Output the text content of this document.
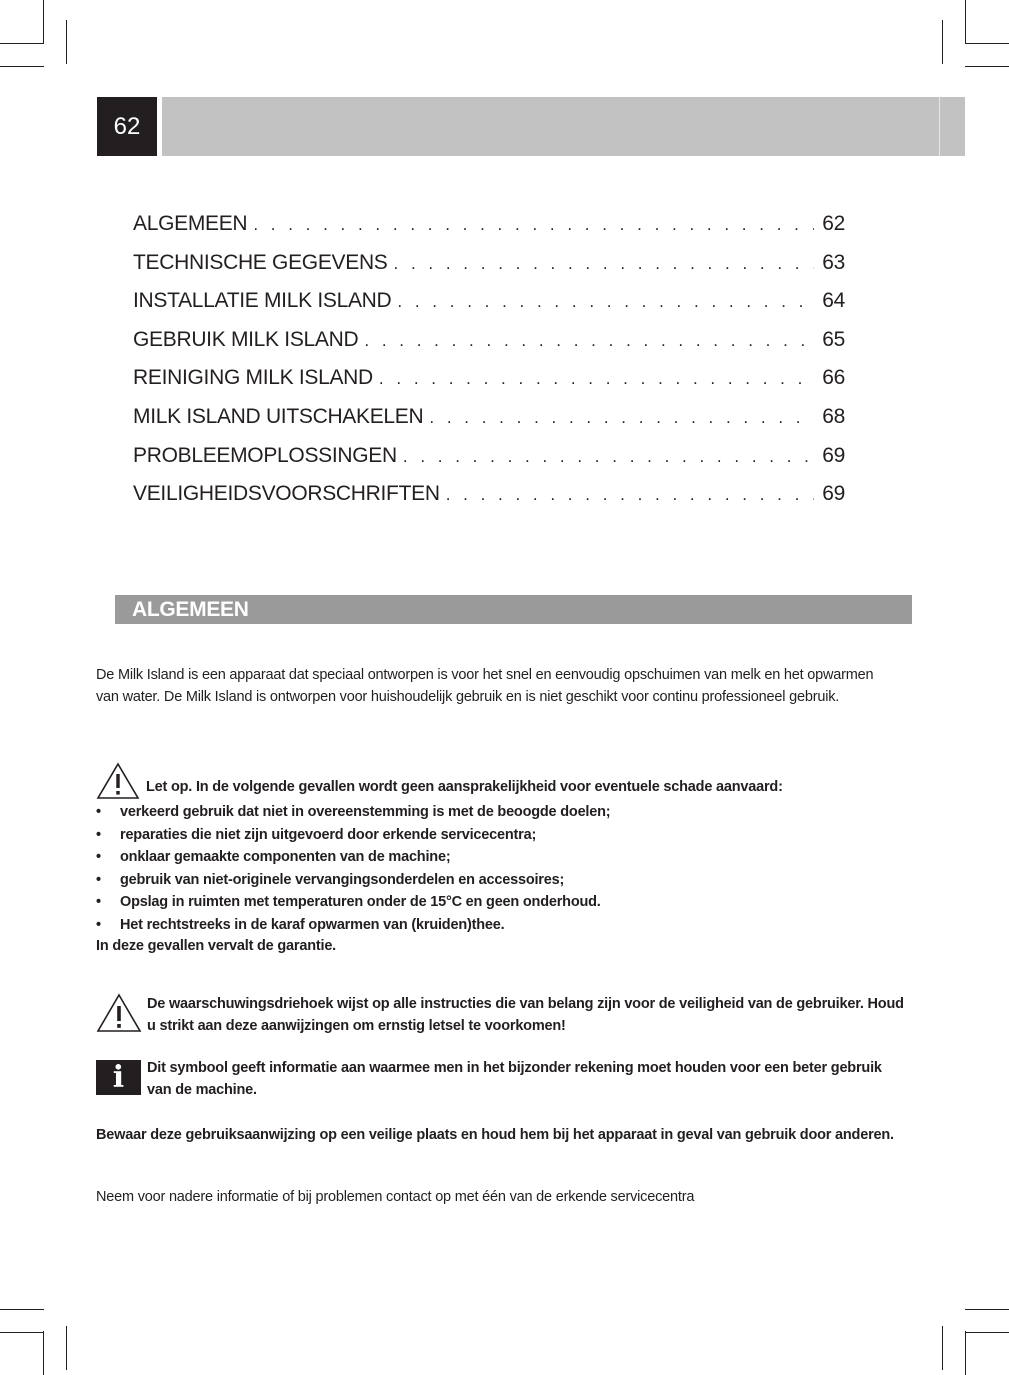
62
ALGEMEEN . . .	62
TECHNISCHE GEGEVENS . . .	63
INSTALLATIE MILK ISLAND . . .	64
GEBRUIK MILK ISLAND . . .	65
REINIGING MILK ISLAND . . .	66
MILK ISLAND UITSCHAKELEN . . .	68
PROBLEEMOPLOSSINGEN . . .	69
VEILIGHEIDSVOORSCHRIFTEN . . .	69
ALGEMEEN

De Milk Island is een apparaat dat speciaal ontworpen is voor het snel en eenvoudig opschuimen van melk en het opwarmen van water. De Milk Island is ontworpen voor huishoudelijk gebruik en is niet geschikt voor continu professioneel gebruik.

Let op. In de volgende gevallen wordt geen aansprakelijkheid voor eventuele schade aanvaard:
• verkeerd gebruik dat niet in overeenstemming is met de beoogde doelen;
• reparaties die niet zijn uitgevoerd door erkende servicecentra;
• onklaar gemaakte componenten van de machine;
• gebruik van niet-originele vervangingsonderdelen en accessoires;
• Opslag in ruimten met temperaturen onder de 15°C en geen onderhoud.
• Het rechtstreeks in de karaf opwarmen van (kruiden)thee.
In deze gevallen vervalt de garantie.
De waarschuwingsdriehoek wijst op alle instructies die van belang zijn voor de veiligheid van de gebruiker. Houd u strikt aan deze aanwijzingen om ernstig letsel te voorkomen!
i	Dit symbool geeft informatie aan waarmee men in het bijzonder rekening moet houden voor een beter gebruik van de machine.

Bewaar deze gebruiksaanwijzing op een veilige plaats en houd hem bij het apparaat in geval van gebruik door anderen.

Neem voor nadere informatie of bij problemen contact op met één van de erkende servicecentra
